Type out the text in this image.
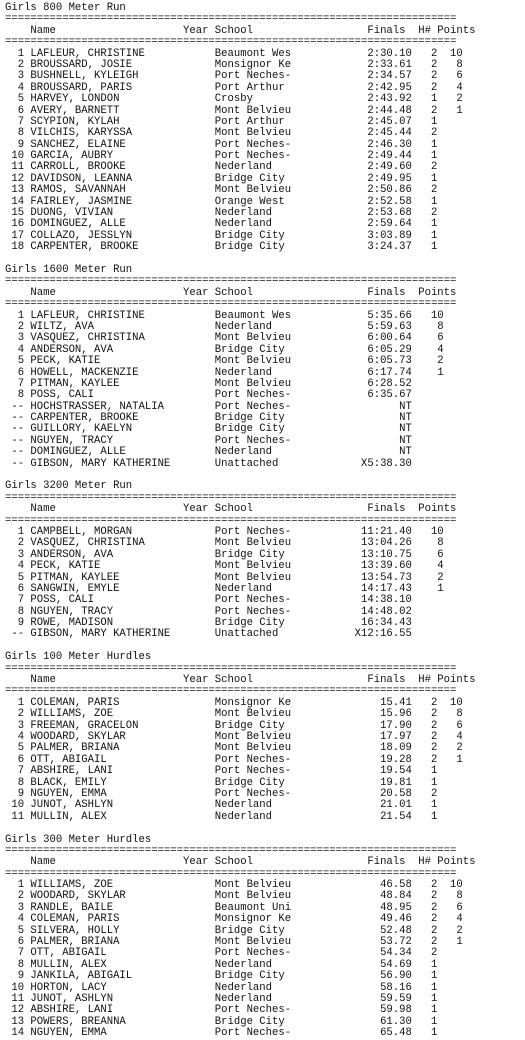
Girls 800 Meter Run
=======================================================================
Name                    Year School                  Finals  H# Points
=======================================================================
1 LAFLEUR, CHRISTINE           Beaumont Wes            2:30.10   2  10
2 BROUSSARD, JOSIE             Monsignor Ke            2:33.61   2   8
3 BUSHNELL, KYLEIGH            Port Neches-            2:34.57   2   6
4 BROUSSARD, PARIS             Port Arthur             2:42.95   2   4
5 HARVEY, LONDON               Crosby                  2:43.92   1   2
6 AVERY, BARNETT               Mont Belvieu            2:44.48   2   1
7 SCYPION, KYLAH               Port Arthur             2:45.07   1
8 VILCHIS, KARYSSA             Mont Belvieu            2:45.44   2
9 SANCHEZ, ELAINE              Port Neches-            2:46.30   1
10 GARCIA, AUBRY                Port Neches-            2:49.44   1
11 CARROLL, BROOKE              Nederland               2:49.60   2
12 DAVIDSON, LEANNA             Bridge City             2:49.95   1
13 RAMOS, SAVANNAH              Mont Belvieu            2:50.86   2
14 FAIRLEY, JASMINE             Orange West             2:52.58   1
15 DUONG, VIVIAN                Nederland               2:53.68   2
16 DOMINGUEZ, ALLE              Nederland               2:59.64   1
17 COLLAZO, JESSLYN             Bridge City             3:03.89   1
18 CARPENTER, BROOKE            Bridge City             3:24.37   1
Girls 1600 Meter Run
=======================================================================
Name                    Year School                  Finals  Points
=======================================================================
1 LAFLEUR, CHRISTINE           Beaumont Wes            5:35.66   10
2 WILTZ, AVA                   Nederland               5:59.63    8
3 VASQUEZ, CHRISTINA           Mont Belvieu            6:00.64    6
4 ANDERSON, AVA                Bridge City             6:05.29    4
5 PECK, KATIE                  Mont Belvieu            6:05.73    2
6 HOWELL, MACKENZIE            Nederland               6:17.74    1
7 PITMAN, KAYLEE               Mont Belvieu            6:28.52
8 POSS, CALI                   Port Neches-            6:35.67
-- HOCHSTRASSER, NATALIA        Port Neches-                 NT
-- CARPENTER, BROOKE            Bridge City                  NT
-- GUILLORY, KAELYN             Bridge City                  NT
-- NGUYEN, TRACY                Port Neches-                 NT
-- DOMINGUEZ, ALLE              Nederland                    NT
-- GIBSON, MARY KATHERINE       Unattached             X5:38.30
Girls 3200 Meter Run
=======================================================================
Name                    Year School                  Finals  Points
=======================================================================
1 CAMPBELL, MORGAN             Port Neches-           11:21.40   10
2 VASQUEZ, CHRISTINA           Mont Belvieu           13:04.26    8
3 ANDERSON, AVA                Bridge City            13:10.75    6
4 PECK, KATIE                  Mont Belvieu           13:39.60    4
5 PITMAN, KAYLEE               Mont Belvieu           13:54.73    2
6 SANGWIN, EMYLE               Nederland              14:17.43    1
7 POSS, CALI                   Port Neches-           14:38.10
8 NGUYEN, TRACY                Port Neches-           14:48.02
9 ROWE, MADISON                Bridge City            16:34.43
-- GIBSON, MARY KATHERINE       Unattached            X12:16.55
Girls 100 Meter Hurdles
=======================================================================
Name                    Year School                  Finals  H# Points
=======================================================================
1 COLEMAN, PARIS               Monsignor Ke              15.41   2  10
2 WILLIAMS, ZOE                Mont Belvieu              15.96   2   8
3 FREEMAN, GRACELON            Bridge City               17.90   2   6
4 WOODARD, SKYLAR              Mont Belvieu              17.97   2   4
5 PALMER, BRIANA               Mont Belvieu              18.09   2   2
6 OTT, ABIGAIL                 Port Neches-              19.28   2   1
7 ABSHIRE, LANI                Port Neches-              19.54   1
8 BLACK, EMILY                 Bridge City               19.81   1
9 NGUYEN, EMMA                 Port Neches-              20.58   2
10 JUNOT, ASHLYN                Nederland                 21.01   1
11 MULLIN, ALEX                 Nederland                 21.54   1
Girls 300 Meter Hurdles
=======================================================================
Name                    Year School                  Finals  H# Points
=======================================================================
1 WILLIAMS, ZOE                Mont Belvieu              46.58   2  10
2 WOODARD, SKYLAR              Mont Belvieu              48.84   2   8
3 RANDLE, BAILE                Beaumont Uni              48.95   2   6
4 COLEMAN, PARIS               Monsignor Ke              49.46   2   4
5 SILVERA, HOLLY               Bridge City               52.48   2   2
6 PALMER, BRIANA               Mont Belvieu              53.72   2   1
7 OTT, ABIGAIL                 Port Neches-              54.34   2
8 MULLIN, ALEX                 Nederland                 54.69   1
9 JANKILA, ABIGAIL             Bridge City               56.90   1
10 HORTON, LACY                 Nederland                 58.16   1
11 JUNOT, ASHLYN                Nederland                 59.59   1
12 ABSHIRE, LANI                Port Neches-              59.98   1
13 POWERS, BREANNA              Bridge City               61.30   1
14 NGUYEN, EMMA                 Port Neches-              65.48   1
